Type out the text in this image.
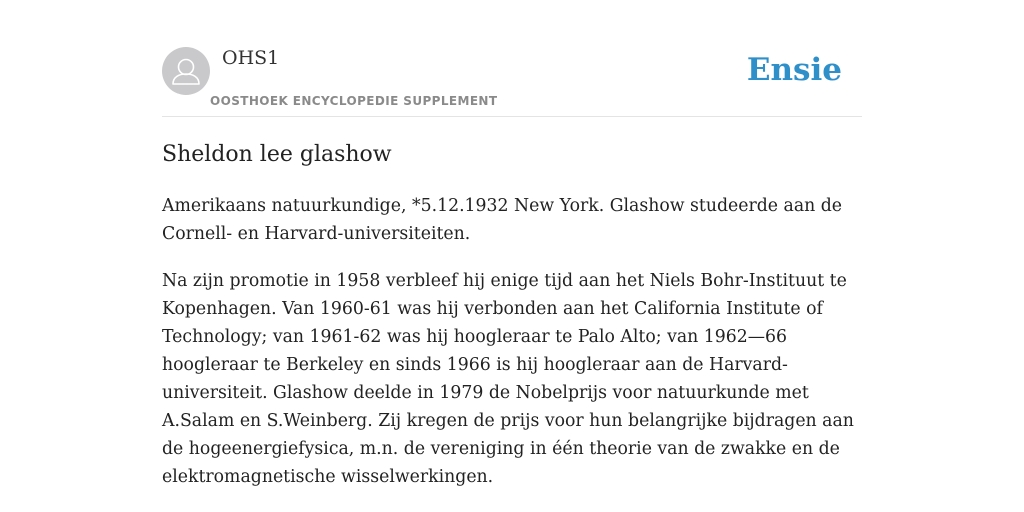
OHS1
OOSTHOEK ENCYCLOPEDIE SUPPLEMENT
Ensie
Sheldon lee glashow

Amerikaans natuurkundige, *5.12.1932 New York. Glashow studeerde aan de Cornell- en Harvard-universiteiten.

Na zijn promotie in 1958 verbleef hij enige tijd aan het Niels Bohr-Instituut te Kopenhagen. Van 1960-61 was hij verbonden aan het California Institute of Technology; van 1961-62 was hij hoogleraar te Palo Alto; van 1962—66 hoogleraar te Berkeley en sinds 1966 is hij hoogleraar aan de Harvard-universiteit. Glashow deelde in 1979 de Nobelprijs voor natuurkunde met A.Salam en S.Weinberg. Zij kregen de prijs voor hun belangrijke bijdragen aan de hogeenergiefysica, m.n. de vereniging in één theorie van de zwakke en de elektromagnetische wisselwerkingen.
